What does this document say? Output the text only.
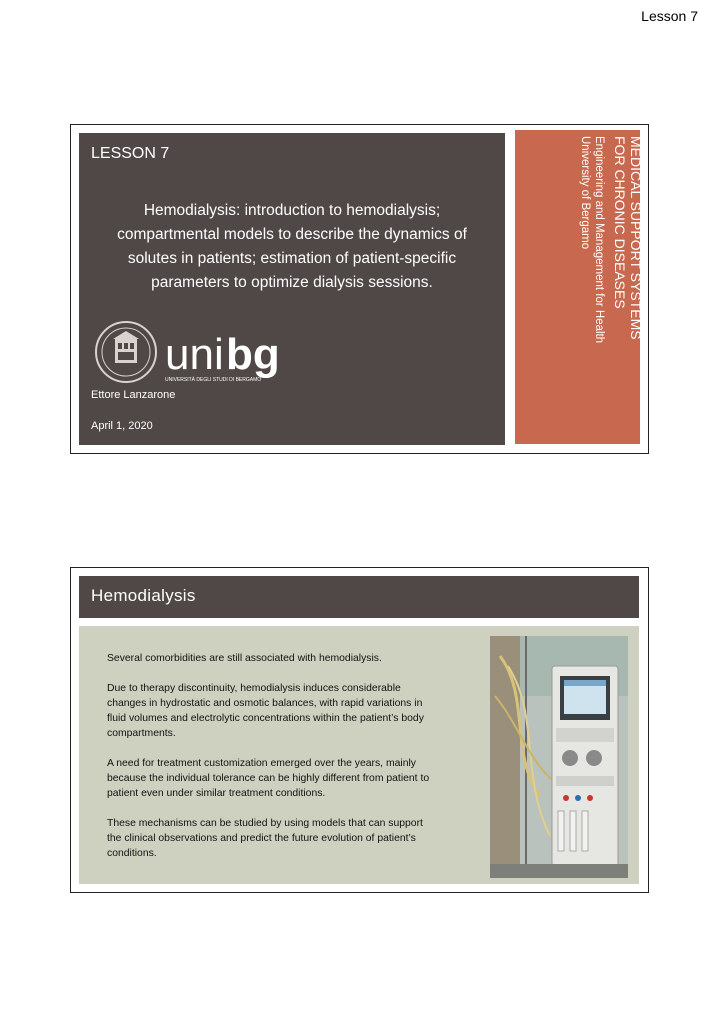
Lesson 7
LESSON 7
Hemodialysis: introduction to hemodialysis; compartmental models to describe the dynamics of solutes in patients; estimation of patient-specific parameters to optimize dialysis sessions.
uni bg
UNIVERSITÀ DEGLI STUDI DI BERGAMO
Ettore Lanzarone
April 1, 2020
MEDICAL SUPPORT SYSTEMS
FOR CHRONIC DISEASES
Engineering and Management for Health
University of Bergamo
Hemodialysis

Several comorbidities are still associated with hemodialysis.

Due to therapy discontinuity, hemodialysis induces considerable changes in hydrostatic and osmotic balances, with rapid variations in fluid volumes and electrolytic concentrations within the patient’s body compartments.

A need for treatment customization emerged over the years, mainly because the individual tolerance can be highly different from patient to patient even under similar treatment conditions.

These mechanisms can be studied by using models that can support the clinical observations and predict the future evolution of patient’s conditions.
